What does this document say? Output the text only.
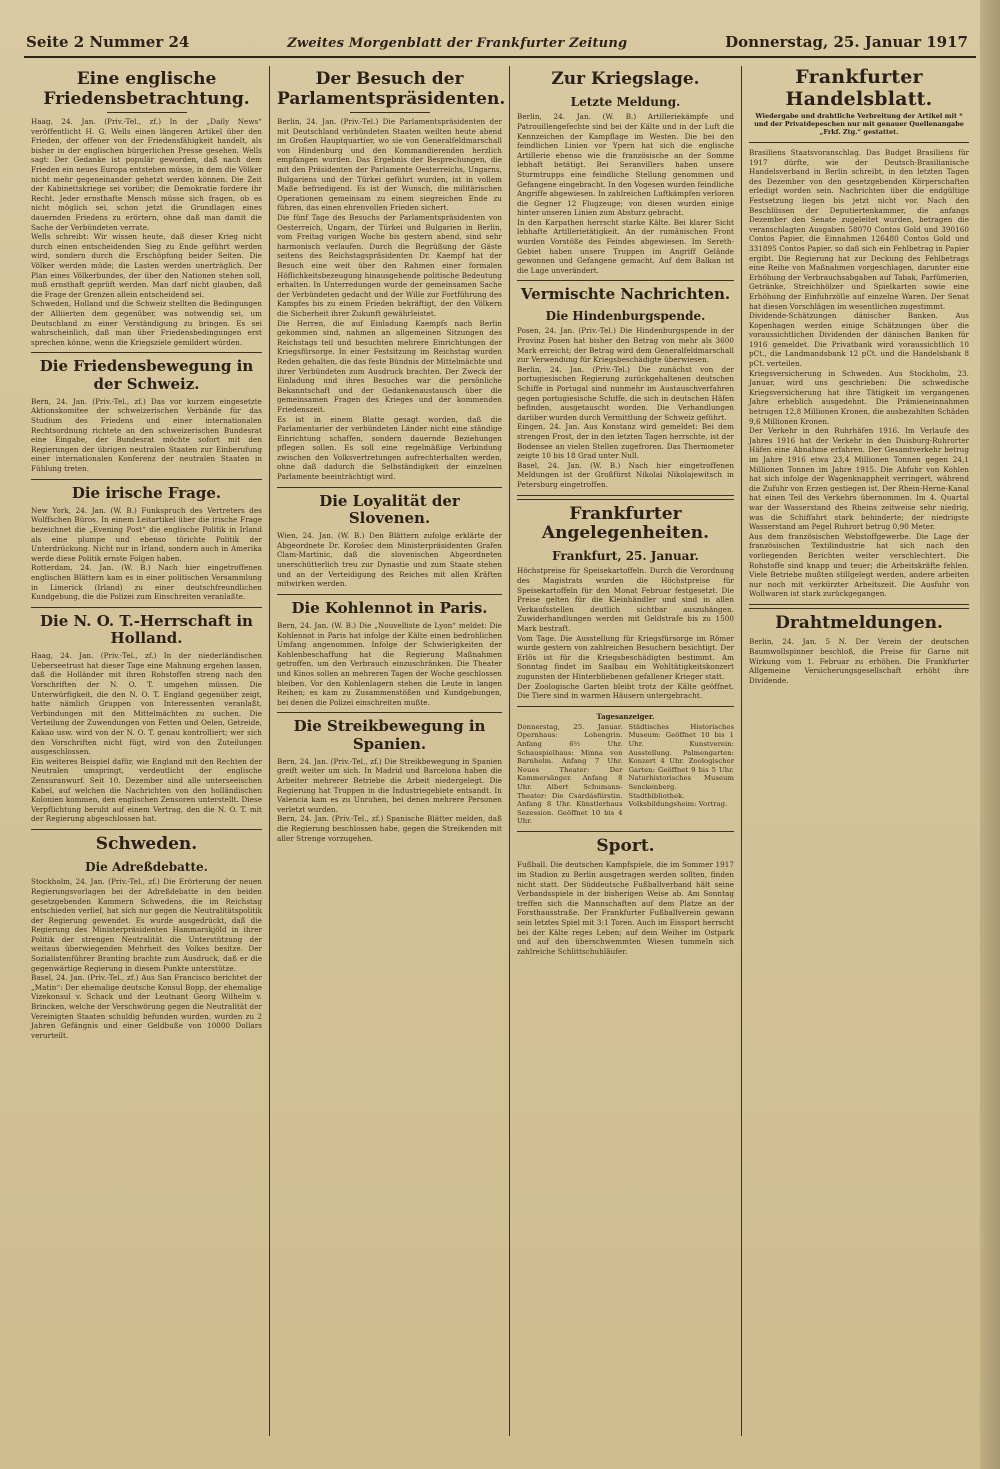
Seite 2 Nummer 24	Zweites Morgenblatt der Frankfurter Zeitung	Donnerstag, 25. Januar 1917
Eine englische Friedensbetrachtung.

Haag, 24. Jan. (Priv.-Tel., zf.) In der „Daily News“ veröffentlicht H. G. Wells einen längeren Artikel über den Frieden, der offener von der Friedensfähigkeit handelt, als bisher in der englischen bürgerlichen Presse gesehen. Wells sagt: Der Gedanke ist populär geworden, daß nach dem Frieden ein neues Europa entstehen müsse, in dem die Völker nicht mehr gegeneinander gehetzt werden können. Die Zeit der Kabinettskriege sei vorüber; die Demokratie fordere ihr Recht. Jeder ernsthafte Mensch müsse sich fragen, ob es nicht möglich sei, schon jetzt die Grundlagen eines dauernden Friedens zu erörtern, ohne daß man damit die Sache der Verbündeten verrate.

Wells schreibt: Wir wissen heute, daß dieser Krieg nicht durch einen entscheidenden Sieg zu Ende geführt werden wird, sondern durch die Erschöpfung beider Seiten. Die Völker werden müde; die Lasten werden unerträglich. Der Plan eines Völkerbundes, der über den Nationen stehen soll, muß ernsthaft geprüft werden. Man darf nicht glauben, daß die Frage der Grenzen allein entscheidend sei.

Schweden, Holland und die Schweiz stellten die Bedingungen der Alliierten dem gegenüber, was notwendig sei, um Deutschland zu einer Verständigung zu bringen. Es sei wahrscheinlich, daß man über Friedensbedingungen erst sprechen könne, wenn die Kriegsziele gemildert würden.

Die Friedensbewegung in der Schweiz.

Bern, 24. Jan. (Priv.-Tel., zf.) Das vor kurzem eingesetzte Aktionskomitee der schweizerischen Verbände für das Studium des Friedens und einer internationalen Rechtsordnung richtete an den schweizerischen Bundesrat eine Eingabe, der Bundesrat möchte sofort mit den Regierungen der übrigen neutralen Staaten zur Einberufung einer internationalen Konferenz der neutralen Staaten in Fühlung treten.

Die irische Frage.

New York, 24. Jan. (W. B.) Funkspruch des Vertreters des Wolffschen Büros. In einem Leitartikel über die irische Frage bezeichnet die „Evening Post“ die englische Politik in Irland als eine plumpe und ebenso törichte Politik der Unterdrückung. Nicht nur in Irland, sondern auch in Amerika werde diese Politik ernste Folgen haben.

Rotterdam, 24. Jan. (W. B.) Nach hier eingetroffenen englischen Blättern kam es in einer politischen Versammlung in Limerick (Irland) zu einer deutschfreundlichen Kundgebung, die die Polizei zum Einschreiten veranlaßte.

Die N. O. T.-Herrschaft in Holland.

Haag, 24. Jan. (Priv.-Tel., zf.) In der niederländischen Ueberseetrust hat dieser Tage eine Mahnung ergehen lassen, daß die Holländer mit ihren Rohstoffen streng nach den Vorschriften der N. O. T. umgehen müssen. Die Unterwürfigkeit, die den N. O. T. England gegenüber zeigt, hatte nämlich Gruppen von Interessenten veranlaßt, Verbindungen mit den Mittelmächten zu suchen. Die Verteilung der Zuwendungen von Fetten und Oelen, Getreide, Kakao usw. wird von der N. O. T. genau kontrolliert; wer sich den Vorschriften nicht fügt, wird von den Zuteilungen ausgeschlossen.

Ein weiteres Beispiel dafür, wie England mit den Rechten der Neutralen umspringt, verdeutlicht der englische Zensuranwurf. Seit 10. Dezember sind alle unterseeischen Kabel, auf welchen die Nachrichten von den holländischen Kolonien kommen, den englischen Zensoren unterstellt. Diese Verpflichtung beruht auf einem Vertrag, den die N. O. T. mit der Regierung abgeschlossen hat.

Schweden.
Die Adreßdebatte.

Stockholm, 24. Jan. (Priv.-Tel., zf.) Die Erörterung der neuen Regierungsvorlagen bei der Adreßdebatte in den beiden gesetzgebenden Kammern Schwedens, die im Reichstag entschieden verlief, hat sich nur gegen die Neutralitätspolitik der Regierung gewendet. Es wurde ausgedrückt, daß die Regierung des Ministerpräsidenten Hammarskjöld in ihrer Politik der strengen Neutralität die Unterstützung der weitaus überwiegenden Mehrheit des Volkes besitze. Der Sozialistenführer Branting brachte zum Ausdruck, daß er die gegenwärtige Regierung in diesem Punkte unterstütze.

Basel, 24. Jan. (Priv.-Tel., zf.) Aus San Francisco berichtet der „Matin“: Der ehemalige deutsche Konsul Bopp, der ehemalige Vizekonsul v. Schack und der Leutnant Georg Wilhelm v. Brincken, welche der Verschwörung gegen die Neutralität der Vereinigten Staaten schuldig befunden wurden, wurden zu 2 Jahren Gefängnis und einer Geldbuße von 10000 Dollars verurteilt.

Der Besuch der Parlamentspräsidenten.

Berlin, 24. Jan. (Priv.-Tel.) Die Parlamentspräsidenten der mit Deutschland verbündeten Staaten weilten heute abend im Großen Hauptquartier, wo sie von Generalfeldmarschall von Hindenburg und den Kommandierenden herzlich empfangen wurden. Das Ergebnis der Besprechungen, die mit den Präsidenten der Parlamente Oesterreichs, Ungarns, Bulgariens und der Türkei geführt wurden, ist in vollem Maße befriedigend. Es ist der Wunsch, die militärischen Operationen gemeinsam zu einem siegreichen Ende zu führen, das einen ehrenvollen Frieden sichert.

Die fünf Tage des Besuchs der Parlamentspräsidenten von Oesterreich, Ungarn, der Türkei und Bulgarien in Berlin, vom Freitag vorigen Woche bis gestern abend, sind sehr harmonisch verlaufen. Durch die Begrüßung der Gäste seitens des Reichstagspräsidenten Dr. Kaempf hat der Besuch eine weit über den Rahmen einer formalen Höflichkeitsbezeugung hinausgehende politische Bedeutung erhalten. In Unterredungen wurde der gemeinsamen Sache der Verbündeten gedacht und der Wille zur Fortführung des Kampfes bis zu einem Frieden bekräftigt, der den Völkern die Sicherheit ihrer Zukunft gewährleistet.

Die Herren, die auf Einladung Kaempfs nach Berlin gekommen sind, nahmen an allgemeinen Sitzungen des Reichstags teil und besuchten mehrere Einrichtungen der Kriegsfürsorge. In einer Festsitzung im Reichstag wurden Reden gehalten, die das feste Bündnis der Mittelmächte und ihrer Verbündeten zum Ausdruck brachten. Der Zweck der Einladung und ihres Besuches war die persönliche Bekanntschaft und der Gedankenaustausch über die gemeinsamen Fragen des Krieges und der kommenden Friedenszeit.

Es ist in einem Blatte gesagt worden, daß die Parlamentarier der verbündeten Länder nicht eine ständige Einrichtung schaffen, sondern dauernde Beziehungen pflegen sollen. Es soll eine regelmäßige Verbindung zwischen den Volksvertretungen aufrechterhalten werden, ohne daß dadurch die Selbständigkeit der einzelnen Parlamente beeinträchtigt wird.

Die Loyalität der Slovenen.

Wien, 24. Jan. (W. B.) Den Blättern zufolge erklärte der Abgeordnete Dr. Korošec dem Ministerpräsidenten Grafen Clam-Martinic, daß die slovenischen Abgeordneten unerschütterlich treu zur Dynastie und zum Staate stehen und an der Verteidigung des Reiches mit allen Kräften mitwirken werden.

Die Kohlennot in Paris.

Bern, 24. Jan. (W. B.) Die „Nouvelliste de Lyon“ meldet: Die Kohlennot in Paris hat infolge der Kälte einen bedrohlichen Umfang angenommen. Infolge der Schwierigkeiten der Kohlenbeschaffung hat die Regierung Maßnahmen getroffen, um den Verbrauch einzuschränken. Die Theater und Kinos sollen an mehreren Tagen der Woche geschlossen bleiben. Vor den Kohlenlagern stehen die Leute in langen Reihen; es kam zu Zusammenstößen und Kundgebungen, bei denen die Polizei einschreiten mußte.

Die Streikbewegung in Spanien.

Bern, 24. Jan. (Priv.-Tel., zf.) Die Streikbewegung in Spanien greift weiter um sich. In Madrid und Barcelona haben die Arbeiter mehrerer Betriebe die Arbeit niedergelegt. Die Regierung hat Truppen in die Industriegebiete entsandt. In Valencia kam es zu Unruhen, bei denen mehrere Personen verletzt wurden.

Bern, 24. Jan. (Priv.-Tel., zf.) Spanische Blätter melden, daß die Regierung beschlossen habe, gegen die Streikenden mit aller Strenge vorzugehen.

Zur Kriegslage.
Letzte Meldung.

Berlin, 24. Jan. (W. B.) Artilleriekämpfe und Patrouillengefechte sind bei der Kälte und in der Luft die Kennzeichen der Kampflage im Westen. Die bei den feindlichen Linien vor Ypern hat sich die englische Artillerie ebenso wie die französische an der Somme lebhaft betätigt. Bei Seranvillers haben unsere Sturmtrupps eine feindliche Stellung genommen und Gefangene eingebracht. In den Vogesen wurden feindliche Angriffe abgewiesen. In zahlreichen Luftkämpfen verloren die Gegner 12 Flugzeuge; von diesen wurden einige hinter unseren Linien zum Absturz gebracht.

In den Karpathen herrscht starke Kälte. Bei klarer Sicht lebhafte Artillerietätigkeit. An der rumänischen Front wurden Vorstöße des Feindes abgewiesen. Im Sereth-Gebiet haben unsere Truppen im Angriff Gelände gewonnen und Gefangene gemacht. Auf dem Balkan ist die Lage unverändert.

Vermischte Nachrichten.
Die Hindenburgspende.

Posen, 24. Jan. (Priv.-Tel.) Die Hindenburgspende in der Provinz Posen hat bisher den Betrag von mehr als 3600 Mark erreicht; der Betrag wird dem Generalfeldmarschall zur Verwendung für Kriegsbeschädigte überwiesen.

Berlin, 24. Jan. (Priv.-Tel.) Die zunächst von der portugiesischen Regierung zurückgehaltenen deutschen Schiffe in Portugal sind nunmehr im Austauschverfahren gegen portugiesische Schiffe, die sich in deutschen Häfen befinden, ausgetauscht worden. Die Verhandlungen darüber wurden durch Vermittlung der Schweiz geführt.

Eingen, 24. Jan. Aus Konstanz wird gemeldet: Bei dem strengen Frost, der in den letzten Tagen herrschte, ist der Bodensee an vielen Stellen zugefroren. Das Thermometer zeigte 10 bis 18 Grad unter Null.

Basel, 24. Jan. (W. B.) Nach hier eingetroffenen Meldungen ist der Großfürst Nikolai Nikolajewitsch in Petersburg eingetroffen.

Frankfurter Angelegenheiten.
Frankfurt, 25. Januar.

Höchstpreise für Speisekartoffeln. Durch die Verordnung des Magistrats wurden die Höchstpreise für Speisekartoffeln für den Monat Februar festgesetzt. Die Preise gelten für die Kleinhändler und sind in allen Verkaufsstellen deutlich sichtbar auszuhängen. Zuwiderhandlungen werden mit Geldstrafe bis zu 1500 Mark bestraft.

Vom Tage. Die Ausstellung für Kriegsfürsorge im Römer wurde gestern von zahlreichen Besuchern besichtigt. Der Erlös ist für die Kriegsbeschädigten bestimmt. Am Sonntag findet im Saalbau ein Wohltätigkeitskonzert zugunsten der Hinterbliebenen gefallener Krieger statt.

Der Zoologische Garten bleibt trotz der Kälte geöffnet. Die Tiere sind in warmen Häusern untergebracht.

Tagesanzeiger.

Donnerstag, 25. Januar. Opernhaus: Lohengrin. Anfang 6½ Uhr. Schauspielhaus: Minna von Barnhelm. Anfang 7 Uhr. Neues Theater: Der Kammersänger. Anfang 8 Uhr. Albert Schumann-Theater: Die Csárdásfürstin. Anfang 8 Uhr. Künstlerhaus Sezession. Geöffnet 10 bis 4 Uhr.

Städtisches Historisches Museum: Geöffnet 10 bis 1 Uhr. Kunstverein: Ausstellung. Palmengarten: Konzert 4 Uhr. Zoologischer Garten: Geöffnet 9 bis 5 Uhr. Naturhistorisches Museum Senckenberg. Stadtbibliothek. Volksbildungsheim: Vortrag.

Sport.

Fußball. Die deutschen Kampfspiele, die im Sommer 1917 im Stadion zu Berlin ausgetragen werden sollten, finden nicht statt. Der Süddeutsche Fußballverband hält seine Verbandsspiele in der bisherigen Weise ab. Am Sonntag treffen sich die Mannschaften auf dem Platze an der Forsthausstraße. Der Frankfurter Fußballverein gewann sein letztes Spiel mit 3:1 Toren. Auch im Eissport herrscht bei der Kälte reges Leben; auf dem Weiher im Ostpark und auf den überschwemmten Wiesen tummeln sich zahlreiche Schlittschuhläufer.

Frankfurter Handelsblatt.
Wiedergabe und drahtliche Verbreitung der Artikel mit * und der Privatdepeschen nur mit genauer Quellenangabe „Frkf. Ztg.“ gestattet.

Brasiliens Staatsvoranschlag. Das Budget Brasiliens für 1917 dürfte, wie der Deutsch-Brasilianische Handelsverband in Berlin schreibt, in den letzten Tagen des Dezember von den gesetzgebenden Körperschaften erledigt worden sein. Nachrichten über die endgültige Festsetzung liegen bis jetzt nicht vor. Nach den Beschlüssen der Deputiertenkammer, die anfangs Dezember den Senate zugeleitet wurden, betragen die veranschlagten Ausgaben 58070 Contos Gold und 390160 Contos Papier, die Einnahmen 126480 Contos Gold und 331895 Contos Papier, so daß sich ein Fehlbetrag in Papier ergibt. Die Regierung hat zur Deckung des Fehlbetrags eine Reihe von Maßnahmen vorgeschlagen, darunter eine Erhöhung der Verbrauchsabgaben auf Tabak, Parfümerien, Getränke, Streichhölzer und Spielkarten sowie eine Erhöhung der Einfuhrzölle auf einzelne Waren. Der Senat hat diesen Vorschlägen im wesentlichen zugestimmt.

Dividende-Schätzungen dänischer Banken. Aus Kopenhagen werden einige Schätzungen über die voraussichtlichen Dividenden der dänischen Banken für 1916 gemeldet. Die Privatbank wird voraussichtlich 10 pCt., die Landmandsbank 12 pCt. und die Handelsbank 8 pCt. verteilen.

Kriegsversicherung in Schweden. Aus Stockholm, 23. Januar, wird uns geschrieben: Die schwedische Kriegsversicherung hat ihre Tätigkeit im vergangenen Jahre erheblich ausgedehnt. Die Prämieneinnahmen betrugen 12,8 Millionen Kronen, die ausbezahlten Schäden 9,6 Millionen Kronen.

Der Verkehr in den Ruhrhäfen 1916. Im Verlaufe des Jahres 1916 hat der Verkehr in den Duisburg-Ruhrorter Häfen eine Abnahme erfahren. Der Gesamtverkehr betrug im Jahre 1916 etwa 23,4 Millionen Tonnen gegen 24,1 Millionen Tonnen im Jahre 1915. Die Abfuhr von Kohlen hat sich infolge der Wagenknappheit verringert, während die Zufuhr von Erzen gestiegen ist. Der Rhein-Herne-Kanal hat einen Teil des Verkehrs übernommen. Im 4. Quartal war der Wasserstand des Rheins zeitweise sehr niedrig, was die Schiffahrt stark behinderte; der niedrigste Wasserstand am Pegel Ruhrort betrug 0,90 Meter.

Aus dem französischen Webstoffgewerbe. Die Lage der französischen Textilindustrie hat sich nach den vorliegenden Berichten weiter verschlechtert. Die Rohstoffe sind knapp und teuer; die Arbeitskräfte fehlen. Viele Betriebe mußten stillgelegt werden, andere arbeiten nur noch mit verkürzter Arbeitszeit. Die Ausfuhr von Wollwaren ist stark zurückgegangen.

Drahtmeldungen.

Berlin, 24. Jan. 5 N. Der Verein der deutschen Baumwollspinner beschloß, die Preise für Garne mit Wirkung vom 1. Februar zu erhöhen. Die Frankfurter Allgemeine Versicherungsgesellschaft erhöht ihre Dividende.
